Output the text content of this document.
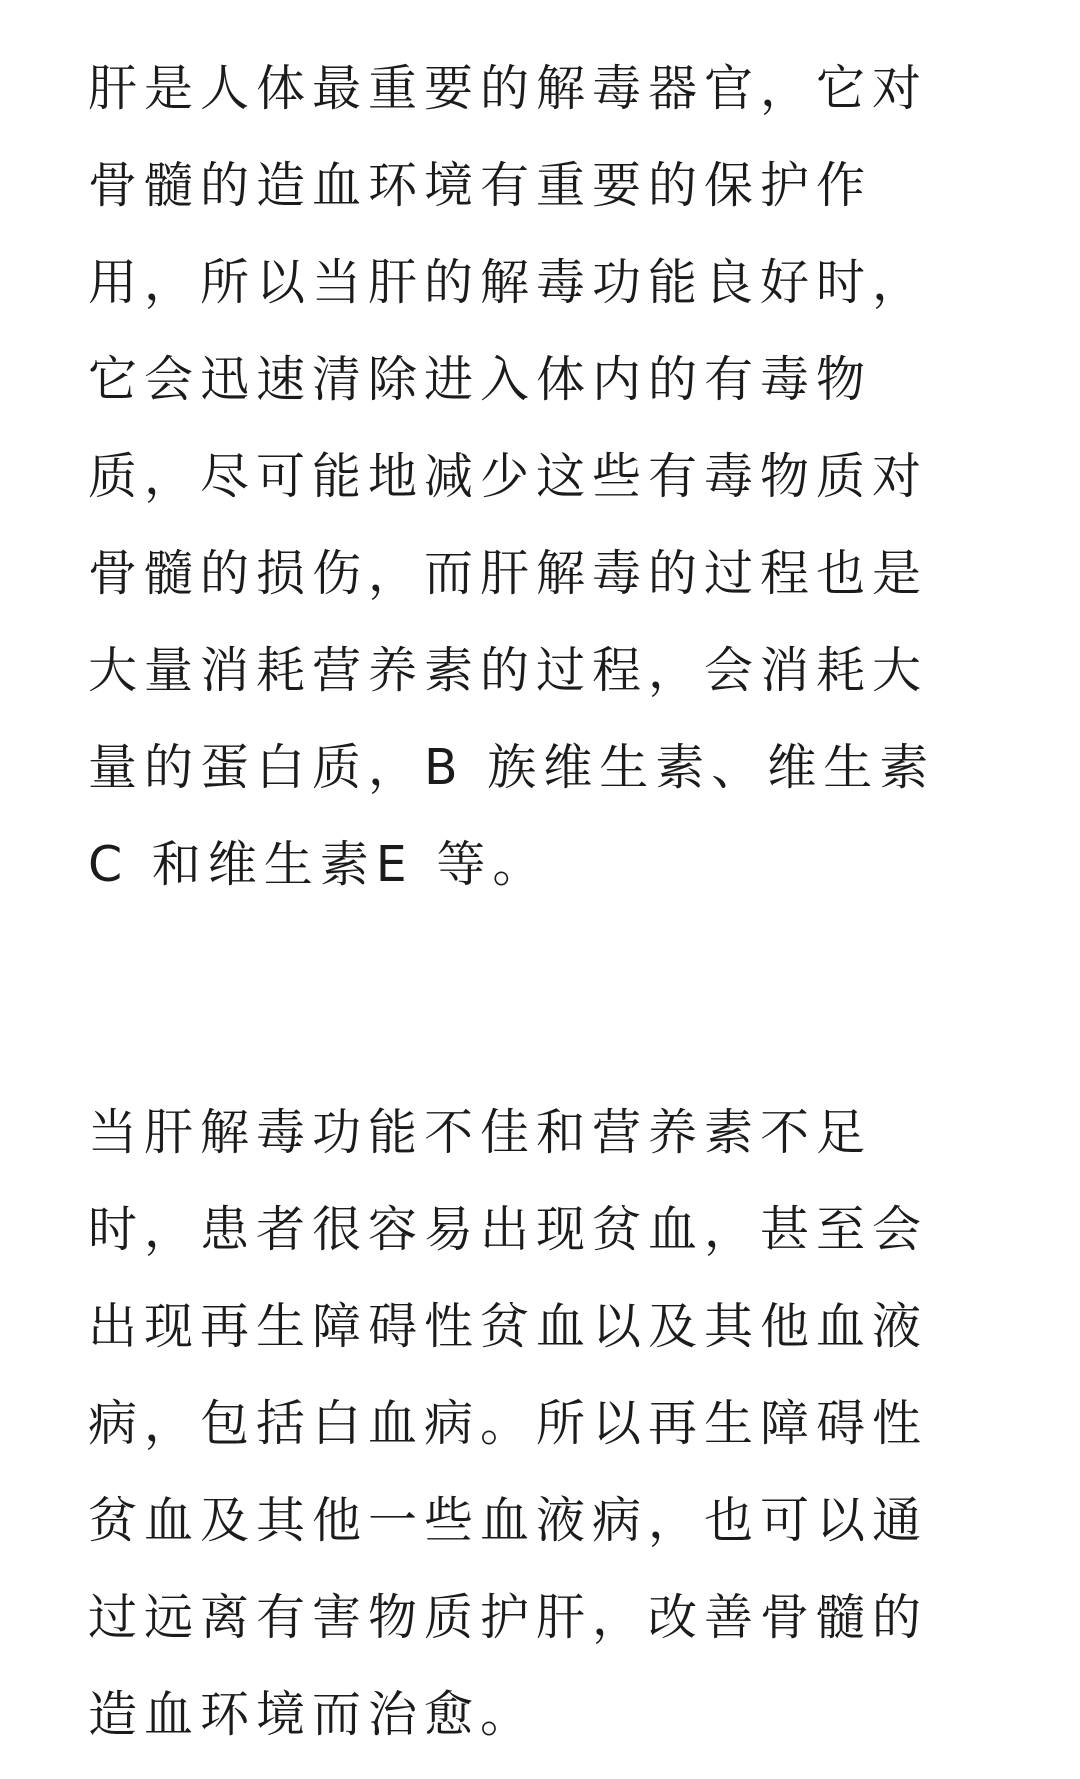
肝是人体最重要的解毒器官，它对
骨髓的造血环境有重要的保护作
用，所以当肝的解毒功能良好时，
它会迅速清除进入体内的有毒物
质，尽可能地减少这些有毒物质对
骨髓的损伤，而肝解毒的过程也是
大量消耗营养素的过程，会消耗大
量的蛋白质，B 族维生素、维生素
C 和维生素E 等。
当肝解毒功能不佳和营养素不足
时，患者很容易出现贫血，甚至会
出现再生障碍性贫血以及其他血液
病，包括白血病。所以再生障碍性
贫血及其他一些血液病，也可以通
过远离有害物质护肝，改善骨髓的
造血环境而治愈。
